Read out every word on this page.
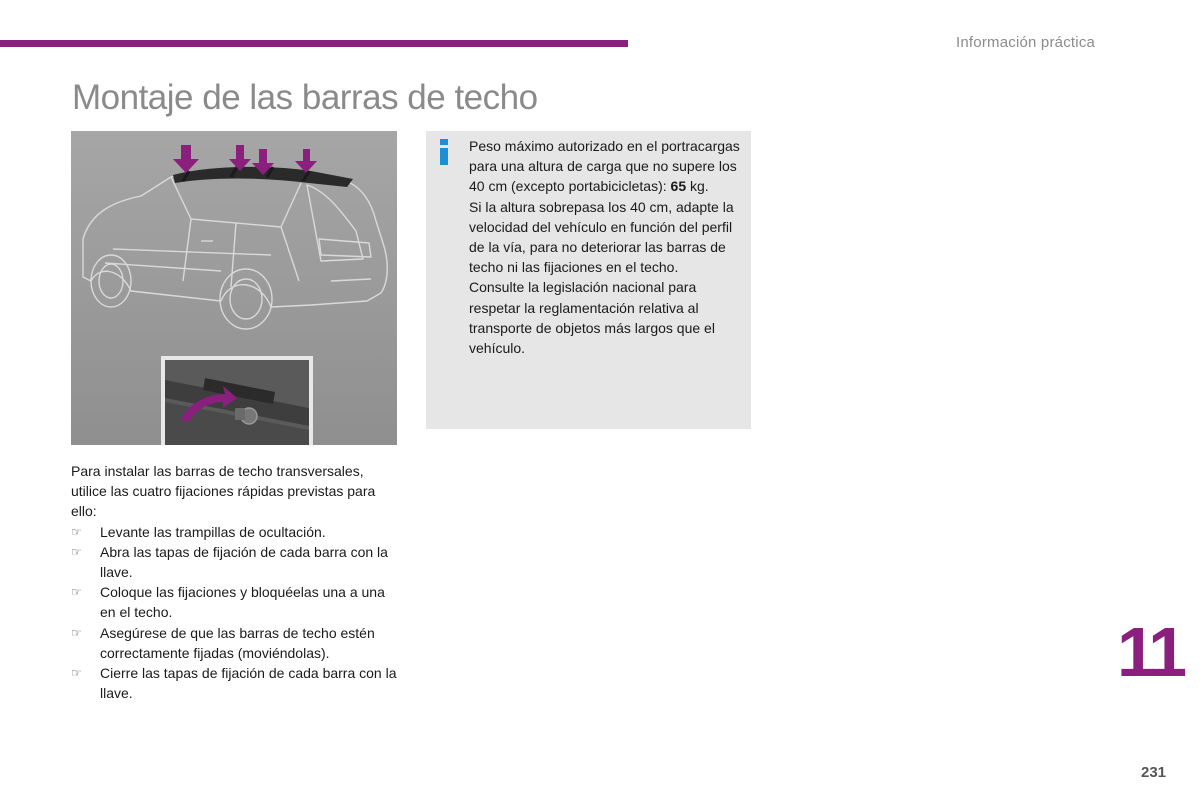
Información práctica
Montaje de las barras de techo

Peso máximo autorizado en el portracargas para una altura de carga que no supere los 40 cm (excepto portabicicletas): 65 kg.

Si la altura sobrepasa los 40 cm, adapte la velocidad del vehículo en función del perfil de la vía, para no deteriorar las barras de techo ni las fijaciones en el techo.

Consulte la legislación nacional para respetar la reglamentación relativa al transporte de objetos más largos que el vehículo.

Para instalar las barras de techo transversales, utilice las cuatro fijaciones rápidas previstas para ello:

☞ Levante las trampillas de ocultación.
☞ Abra las tapas de fijación de cada barra con la llave.
☞ Coloque las fijaciones y bloquéelas una a una en el techo.
☞ Asegúrese de que las barras de techo estén correctamente fijadas (moviéndolas).
☞ Cierre las tapas de fijación de cada barra con la llave.
11
231
